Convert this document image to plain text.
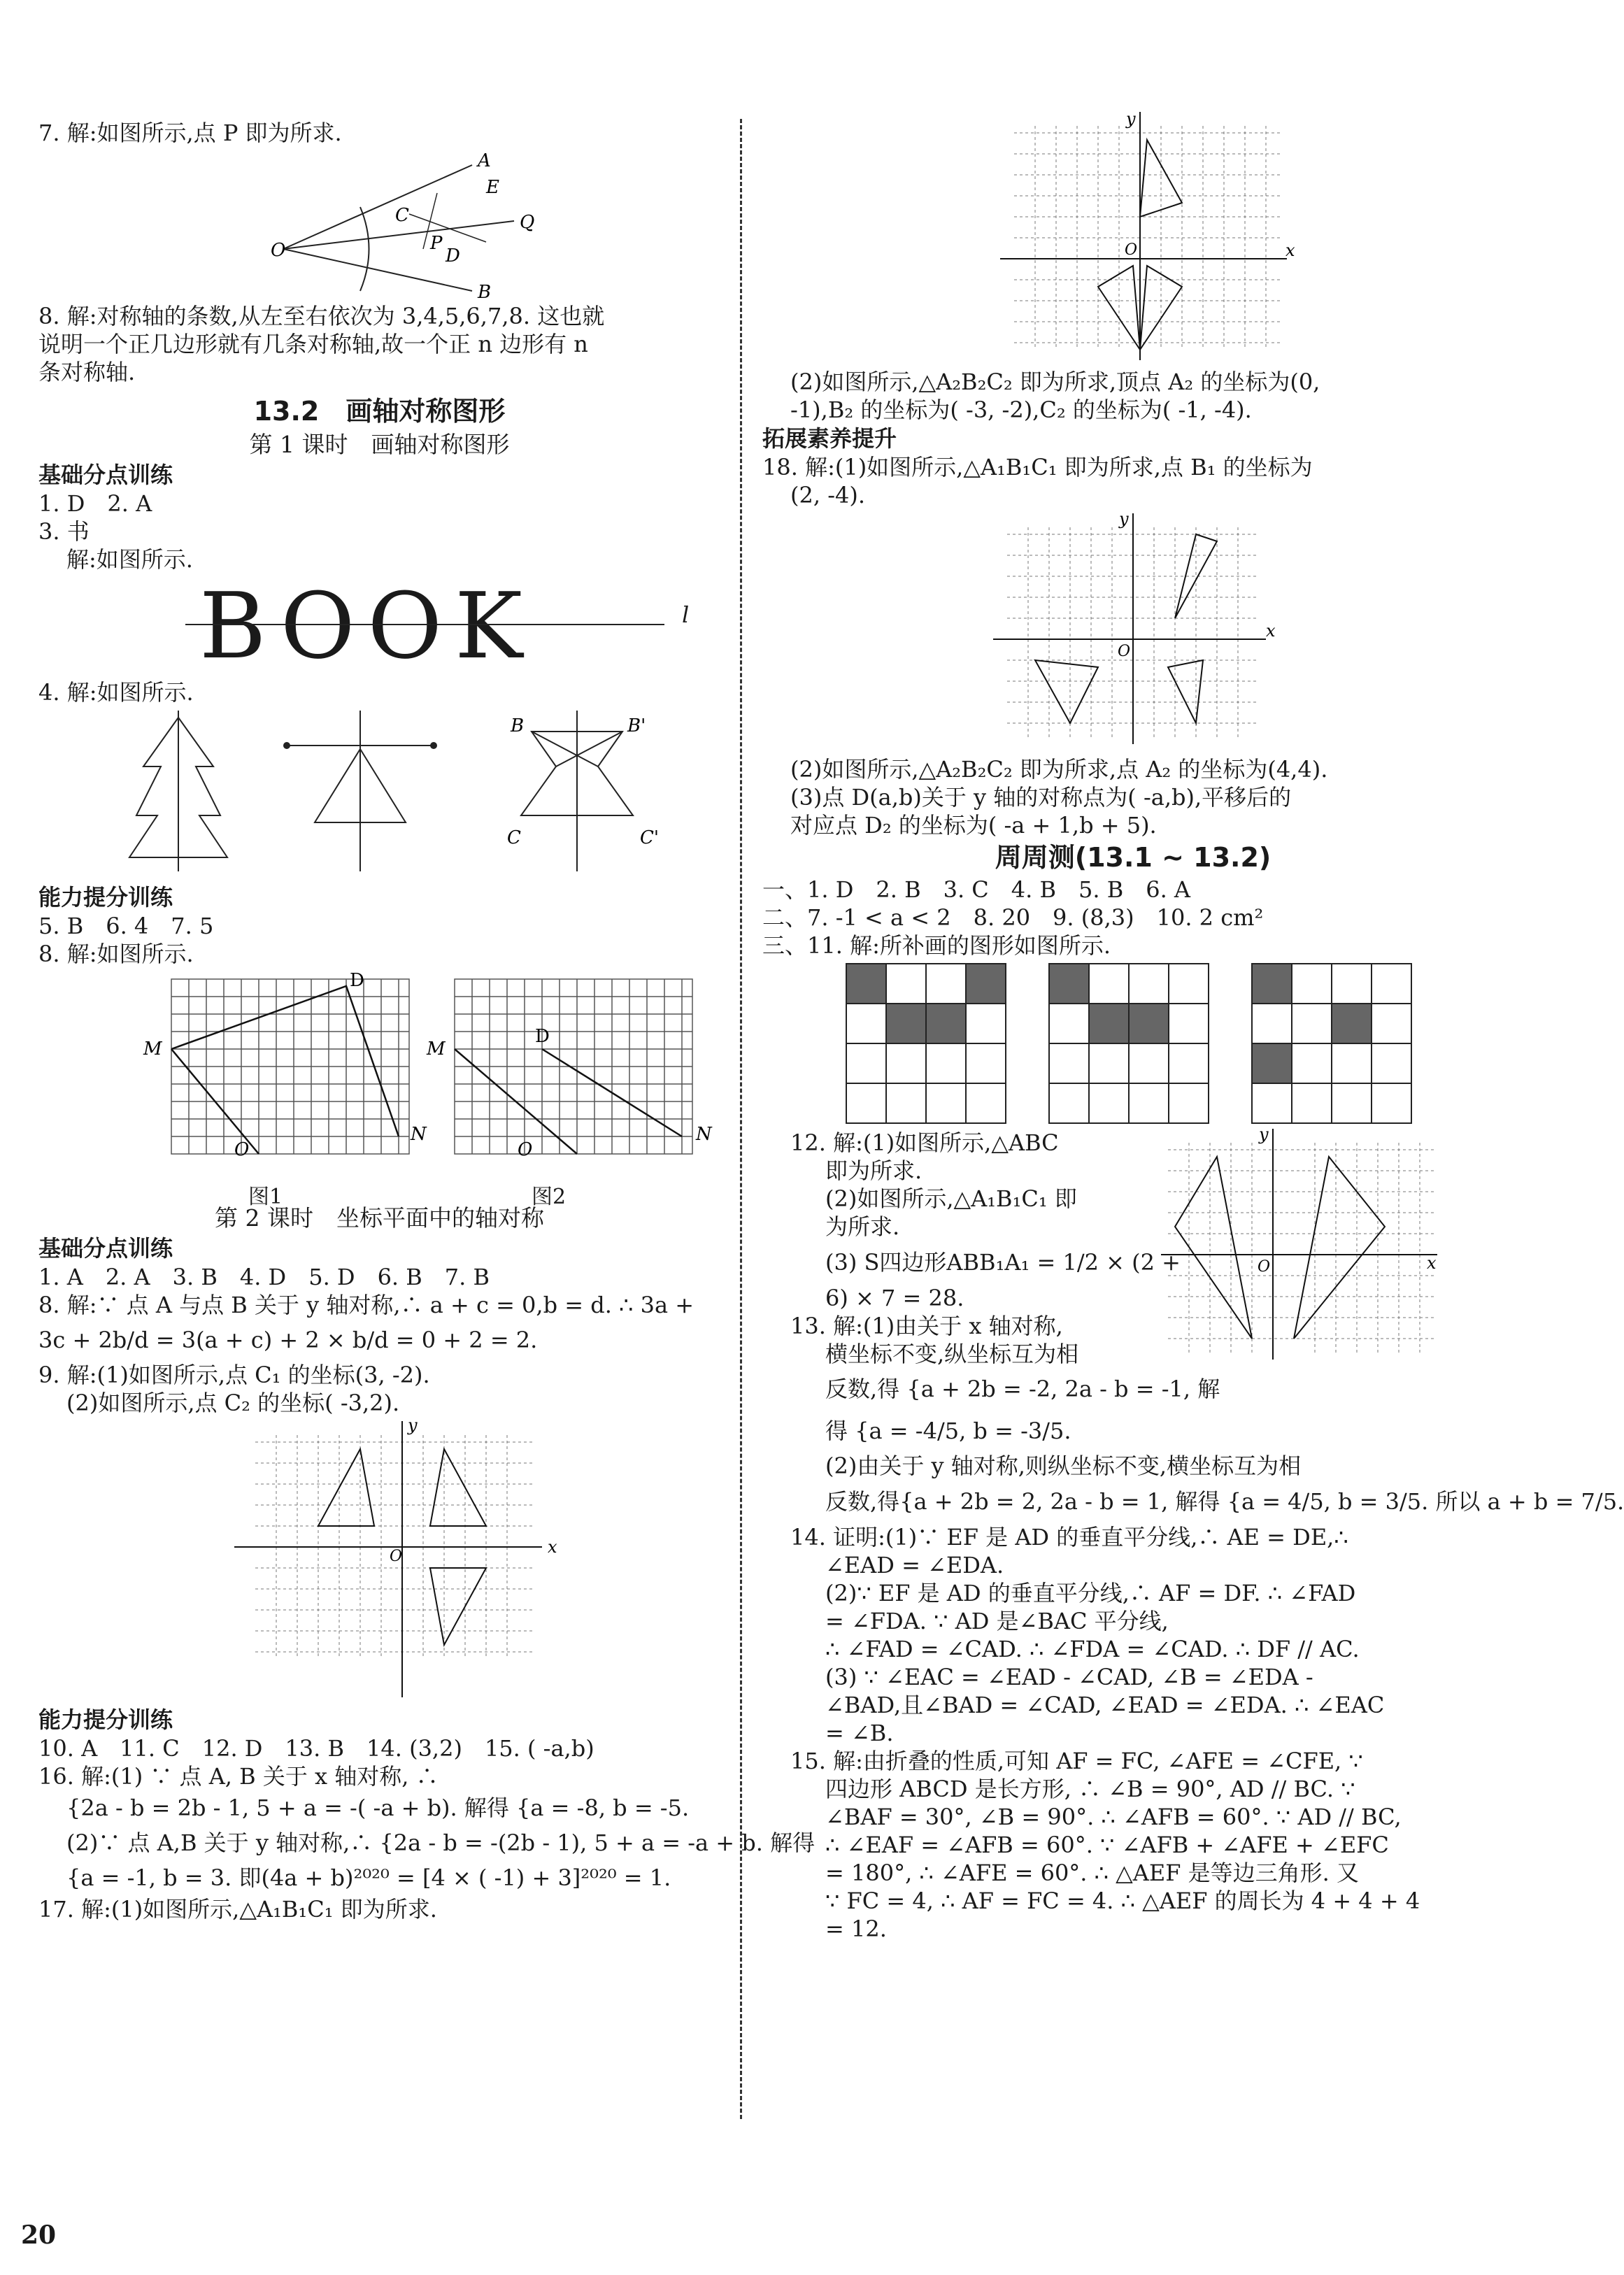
7. 解:如图所示,点 P 即为所求.
A
B
O
Q
E
C
P
D
8. 解:对称轴的条数,从左至右依次为 3,4,5,6,7,8. 这也就
说明一个正几边形就有几条对称轴,故一个正 n 边形有 n
条对称轴.
13.2　画轴对称图形
第 1 课时　画轴对称图形
基础分点训练
1. D　2. A
3. 书
解:如图所示.
BOOK	l
4. 解:如图所示.
B	B'
C	C'
能力提分训练
5. B　6. 4　7. 5
8. 解:如图所示.
M
D
N
O
M
D
N
O
图1	图2
第 2 课时　坐标平面中的轴对称
基础分点训练
1. A　2. A　3. B　4. D　5. D　6. B　7. B
8. 解:∵ 点 A 与点 B 关于 y 轴对称,∴ a + c = 0,b = d. ∴ 3a +
3c + 2b/d = 3(a + c) + 2 × b/d = 0 + 2 = 2.
9. 解:(1)如图所示,点 C₁ 的坐标(3, -2).
(2)如图所示,点 C₂ 的坐标( -3,2).
x
y
O
能力提分训练
10. A　11. C　12. D　13. B　14. (3,2)　15. ( -a,b)
16. 解:(1) ∵ 点 A, B 关于 x 轴对称, ∴
{2a - b = 2b - 1, 5 + a = -( -a + b). 解得 {a = -8, b = -5.
(2)∵ 点 A,B 关于 y 轴对称,∴ {2a - b = -(2b - 1), 5 + a = -a + b. 解得
{a = -1, b = 3. 即(4a + b)²⁰²⁰ = [4 × ( -1) + 3]²⁰²⁰ = 1.
17. 解:(1)如图所示,△A₁B₁C₁ 即为所求.
x
y
O
(2)如图所示,△A₂B₂C₂ 即为所求,顶点 A₂ 的坐标为(0,
-1),B₂ 的坐标为( -3, -2),C₂ 的坐标为( -1, -4).
拓展素养提升
18. 解:(1)如图所示,△A₁B₁C₁ 即为所求,点 B₁ 的坐标为
(2, -4).
x
y
O
(2)如图所示,△A₂B₂C₂ 即为所求,点 A₂ 的坐标为(4,4).
(3)点 D(a,b)关于 y 轴的对称点为( -a,b),平移后的
对应点 D₂ 的坐标为( -a + 1,b + 5).
周周测(13.1 ~ 13.2)
一、1. D　2. B　3. C　4. B　5. B　6. A
二、7. -1 < a < 2　8. 20　9. (8,3)　10. 2 cm²
三、11. 解:所补画的图形如图所示.
x
y
O
12. 解:(1)如图所示,△ABC
即为所求.
(2)如图所示,△A₁B₁C₁ 即
为所求.
(3) S四边形ABB₁A₁ = 1/2 × (2 +
6) × 7 = 28.
13. 解:(1)由关于 x 轴对称,
横坐标不变,纵坐标互为相
反数,得 {a + 2b = -2, 2a - b = -1, 解
得 {a = -4/5, b = -3/5.
(2)由关于 y 轴对称,则纵坐标不变,横坐标互为相
反数,得{a + 2b = 2, 2a - b = 1, 解得 {a = 4/5, b = 3/5. 所以 a + b = 7/5.
14. 证明:(1)∵ EF 是 AD 的垂直平分线,∴ AE = DE,∴
∠EAD = ∠EDA.
(2)∵ EF 是 AD 的垂直平分线,∴ AF = DF. ∴ ∠FAD
= ∠FDA. ∵ AD 是∠BAC 平分线,
∴ ∠FAD = ∠CAD. ∴ ∠FDA = ∠CAD. ∴ DF // AC.
(3) ∵ ∠EAC = ∠EAD - ∠CAD, ∠B = ∠EDA -
∠BAD,且∠BAD = ∠CAD, ∠EAD = ∠EDA. ∴ ∠EAC
= ∠B.
15. 解:由折叠的性质,可知 AF = FC, ∠AFE = ∠CFE, ∵
四边形 ABCD 是长方形, ∴ ∠B = 90°, AD // BC. ∵
∠BAF = 30°, ∠B = 90°. ∴ ∠AFB = 60°. ∵ AD // BC,
∴ ∠EAF = ∠AFB = 60°. ∵ ∠AFB + ∠AFE + ∠EFC
= 180°, ∴ ∠AFE = 60°. ∴ △AEF 是等边三角形. 又
∵ FC = 4, ∴ AF = FC = 4. ∴ △AEF 的周长为 4 + 4 + 4
= 12.
20
